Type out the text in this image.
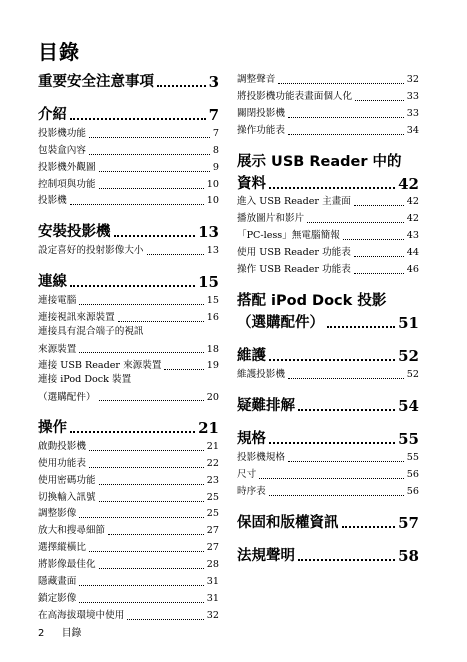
目錄
重要安全注意事項	3
介紹	7
投影機功能	7
包裝盒內容	8
投影機外觀圖	9
控制項與功能	10
投影機	10
安裝投影機	13
設定喜好的投射影像大小	13
連線	15
連接電腦	15
連接視訊來源裝置	16
連接具有混合端子的視訊
來源裝置	18
連接 USB Reader 來源裝置	19
連接 iPod Dock 裝置
（選購配件）	20
操作	21
啟動投影機	21
使用功能表	22
使用密碼功能	23
切換輸入訊號	25
調整影像	25
放大和搜尋細節	27
選擇縱橫比	27
將影像最佳化	28
隱藏畫面	31
鎖定影像	31
在高海拔環境中使用	32
調整聲音	32
將投影機功能表畫面個人化	33
關閉投影機	33
操作功能表	34
展示 USB Reader 中的
資料	42
進入 USB Reader 主畫面	42
播放圖片和影片	42
「PC-less」無電腦簡報	43
使用 USB Reader 功能表	44
操作 USB Reader 功能表	46
搭配 iPod Dock 投影
（選購配件）	51
維護	52
維護投影機	52
疑難排解	54
規格	55
投影機規格	55
尺寸	56
時序表	56
保固和版權資訊	57
法規聲明	58
2 目錄
